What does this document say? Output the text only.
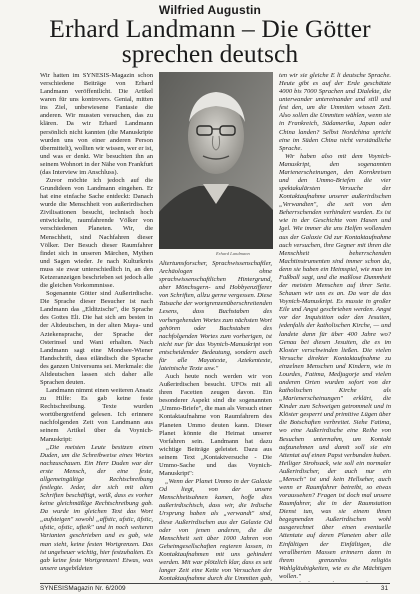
Wilfried Augustin
Erhard Landmann – Die Götter
sprechen deutsch

Wir hatten im SYNESIS-Magazin schon verschiedene Beiträge von Erhard Landmann veröffentlicht. Die Artikel waren für uns kontrovers. Genial, mitten ins Ziel, unbewiesene Fantasie die anderen. Wir mussten versuchen, das zu klären. Da wir Erhard Landmann persönlich nicht kannten (die Manuskripte wurden uns von einer anderen Person übermittelt), wollten wir wissen, wer er ist, und was er denkt. Wir besuchten ihn an seinem Wohnort in der Nähe von Frankfurt (das Interview im Anschluss).

Zuvor möchte ich jedoch auf die Grundideen von Landmann eingehen. Er hat eine einfache Sache entdeckt: Danach wurde die Menschheit von außerirdischen Zivilisationen besucht, technisch hoch entwickelte, raumfahrende Völker von verschiedenen Planeten. Wir, die Menschheit, sind Nachfahren dieser Völker. Der Besuch dieser Raumfahrer findet sich in unseren Märchen, Mythen und Sagen wieder. Je nach Kulturkreis muss sie zwar unterschiedlich in, an den Ketzeranzeigen beschrieben sei jedoch alle die gleichen Vorkommnisse.

Sogenannte Götter sind Außerirdische. Die Sprache dieser Besucher ist nach Landmann das „Elditzische", die Sprache des Gottes Eli. Die hat sich am besten in der Altdeutschen, in der alten Maya- und Aztekensprache, der Sprache der Osterinsel und Wani erhalten. Nach Landmann sagt eine Mondsee-Wiener Handschrift, dass eiländisch die Sprache des ganzen Universums sei. Merkmale: die Altdeutschen lassen sich daher alle Sprachen deuten.

Landmann nimmt einen weiteren Ansatz zu Hilfe: Es gab keine feste Rechtschreibung. Texte wurden wortübergreifend gelesen. Ich erinnere nachfolgenden Zeit von Landmann aus seinem Artikel über da Voynich-Manuskript:

„Die meisten Leute besitzen einen Duden, um die Schreibweise eines Wortes nachzuschauen. Ein Herr Duden war der erste Mensch, der eine feste, allgemeingültige Rechtschreibung festlegte. Jeder, der sich mit alten Schriften beschäftigt, weiß, dass es vorher keine gleichmäßige Rechtschreibung gab. Da wurde im gleichen Text das Wort „aufsteigen" sowohl „affstic, ufstic, üfstic, ufstic, ofstic, ufteik" und in noch weiteren Varianten geschrieben und es gab, wie man sieht, keine festen Wortgrenzen. Das ist ungeheuer wichtig, hier festzuhalten. Es gab keine feste Wortgrenzen! Etwas, was unsere ungebildeten

Erhard Landmann

Altertumsforscher, Sprachwissenschaftler, Archäologen ohne sprachwissenschaftlichen Hintergrund, aber Mönchsgern- und Hobbyenzifferer von Schriften, allzu gerne vergessen. Diese Tatsache der wortgrenzenüberschreitenden Lesens, dass Buchstaben des vorhergehenden Wortes zum nächsten Wort gehören oder Buchstaben des nachfolgenden Wortes zum vorherigen, ist nicht nur für das Voynich-Manuskript von entscheidender Bedeutung, sondern auch für alle Mayatexte, Aztekentexte, lateinische Texte usw."

Auch heute noch werden wir von Außerirdischen besucht. UFOs mit all ihren Facetten zeugen davon. Ein besonderer Aspekt sind die sogenannten „Ummo-Briefe", die man als Versuch einer Kontaktaufnahme von Raumfahrern des Planeten Ummo deuten kann. Dieser Planet könnte die Heimat unserer Vorfahren sein. Landmann hat dazu wichtige Beiträge geleistet. Dazu aus seinem Text „Kontaktversuche - Die Ummo-Sache und das Voynich-Manuskript":

„Wenn der Planet Ummo in der Galaxie Od liegt, von der unsere Menschheitsahnen kamen, hoffe dies außerirdischisch, dass wir, die Irdische Ursprung haben als „verwandt" sind, diese Außerirdischen aus der Galaxie Od oder von jenen anderen, die die Menschheit seit über 1000 Jahren von Geheimgesellschaften regieren lassen, in Kontaktaufnahmen mit uns gehindert werden. Mit war plötzlich klar, dass es seit langer Zeit eine Kette von Versuchen der Kontaktaufnahme durch die Ummiten gab,

ten wir sie gleiche E li deutsche Sprache. Heute gibt es auf der Erde geschätzte 4000 bis 7000 Sprachen und Dialekte, die unterwander untereinander und still und fest den, um die Ummiten wissen Zeit. Also sollen die Ummiten wählen, wenn sie in Frankreich, Südamerika, Japan oder China landen? Selbst Nordchina spricht eine im Süden China nicht verständliche Sprache.

Wir haben also mit dem Voynich-Manuskript, den sogenannten Marienerscheinungen, den Kornkreisen und den Ummo-Briefen die vier spektakulärsten Versuche der Kontaktaufnahme unserer außerirdischen „Verwandten", die seit von den Beherrschenden verhindert wurden. Es ist wie in der Geschichte vom Hasen und Igel. Wie immer die uns Helfen wollenden aus der Galaxie Od zur Kontaktaufnahme auch versuchen, ihre Gegner mit ihren die Menschheit beherrschenden Machtinstrumenten sind immer schon da, denn sie haben ein Heimspiel, wie man im Fußball sagt, und die maßlose Dummheit der meisten Menschen auf ihrer Seite. Schauen wir uns es an. Da war da das Voynich-Manuskript. Es musste in großer Eile und Angst geschrieben werden. Angst vor der Inquisition oder den Jesuiten, jedenfalls der katholischen Kirche, — und landete dann für über 400 Jahre wo? Genau bei diesen Jesuiten, die es im Kloster verschwinden ließen. Die vielen Versuche direkter Kontaktaufnahme zu einzelnen Menschen und Kindern, wie in Lourdes, Fatima, Medjugorje und vielen anderen Orten wurden sofort von der katholischen Kirche als „Marienerscheinungen" erklärt, die Kinder zum Schweigen getrommelt und in Klöster gesperrt und primitive Lügen über die Botschaften verbreitet. Siehe Fatima, wo eine Außerirdische eine Reihe von Besuchen unternahm, um Kontakt aufzunehmen und damit soll sie ein Attentat auf einen Papst verbunden haben. Heiliger Strohsack, wie soll ein normaler Außerirdischer, der auch nur ein „Mensch" ist und kein Hellseher, auch wenn er Raumfahrer betreibt, so etwas voraussehen? Fragen ist doch mal unsere Raumfahrer, die in der Raumstation Dienst tun, was sie einem ihnen begegnenden Außerirdischen wohl ausgerechnet über einen eventuelle Attentate auf deren Planeten aber alle Einfältigen der Einfältigen, die verallberten Massen erinnern dann in ihrem grenzenlos religiös Wahlgläubigkeiten, wie es die Mächtigen wollen."

SYNESISMagazin Nr. 6/2009	31
